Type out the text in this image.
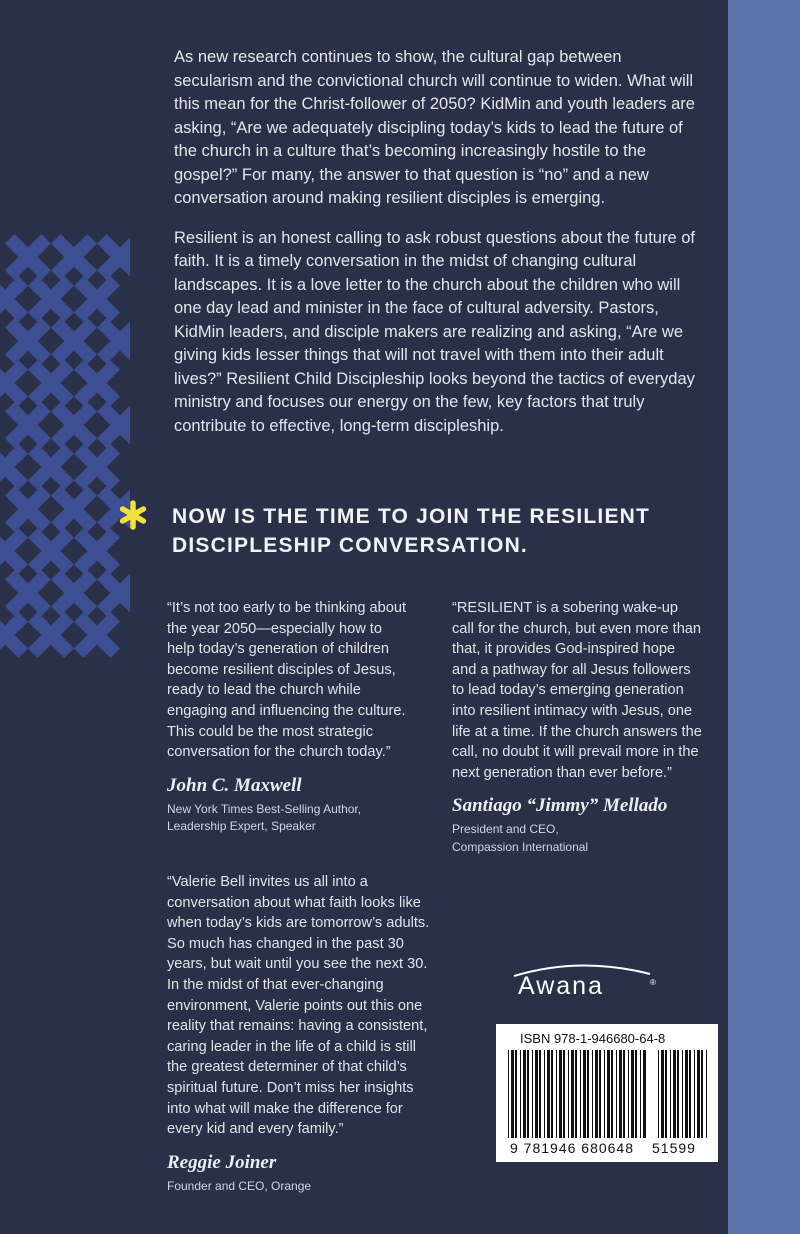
As new research continues to show, the cultural gap between secularism and the convictional church will continue to widen. What will this mean for the Christ-follower of 2050? KidMin and youth leaders are asking, “Are we adequately discipling today’s kids to lead the future of the church in a culture that’s becoming increasingly hostile to the gospel?” For many, the answer to that question is “no” and a new conversation around making resilient disciples is emerging.

Resilient is an honest calling to ask robust questions about the future of faith. It is a timely conversation in the midst of changing cultural landscapes. It is a love letter to the church about the children who will one day lead and minister in the face of cultural adversity. Pastors, KidMin leaders, and disciple makers are realizing and asking, “Are we giving kids lesser things that will not travel with them into their adult lives?” Resilient Child Discipleship looks beyond the tactics of everyday ministry and focuses our energy on the few, key factors that truly contribute to effective, long-term discipleship.

NOW IS THE TIME TO JOIN THE RESILIENT
DISCIPLESHIP CONVERSATION.

“It’s not too early to be thinking about the year 2050—especially how to help today’s generation of children become resilient disciples of Jesus, ready to lead the church while engaging and influencing the culture. This could be the most strategic conversation for the church today.”

John C. Maxwell

New York Times Best-Selling Author,

Leadership Expert, Speaker

“RESILIENT is a sobering wake-up call for the church, but even more than that, it provides God-inspired hope and a pathway for all Jesus followers to lead today’s emerging generation into resilient intimacy with Jesus, one life at a time. If the church answers the call, no doubt it will prevail more in the next generation than ever before.”

Santiago “Jimmy” Mellado

President and CEO,

Compassion International

“Valerie Bell invites us all into a conversation about what faith looks like when today’s kids are tomorrow’s adults. So much has changed in the past 30 years, but wait until you see the next 30. In the midst of that ever-changing environment, Valerie points out this one reality that remains: having a consistent, caring leader in the life of a child is still the greatest determiner of that child’s spiritual future. Don’t miss her insights into what will make the difference for every kid and every family.”

Reggie Joiner

Founder and CEO, Orange

Awana	®
ISBN 978-1-946680-64-8
9 781946 680648 51599
